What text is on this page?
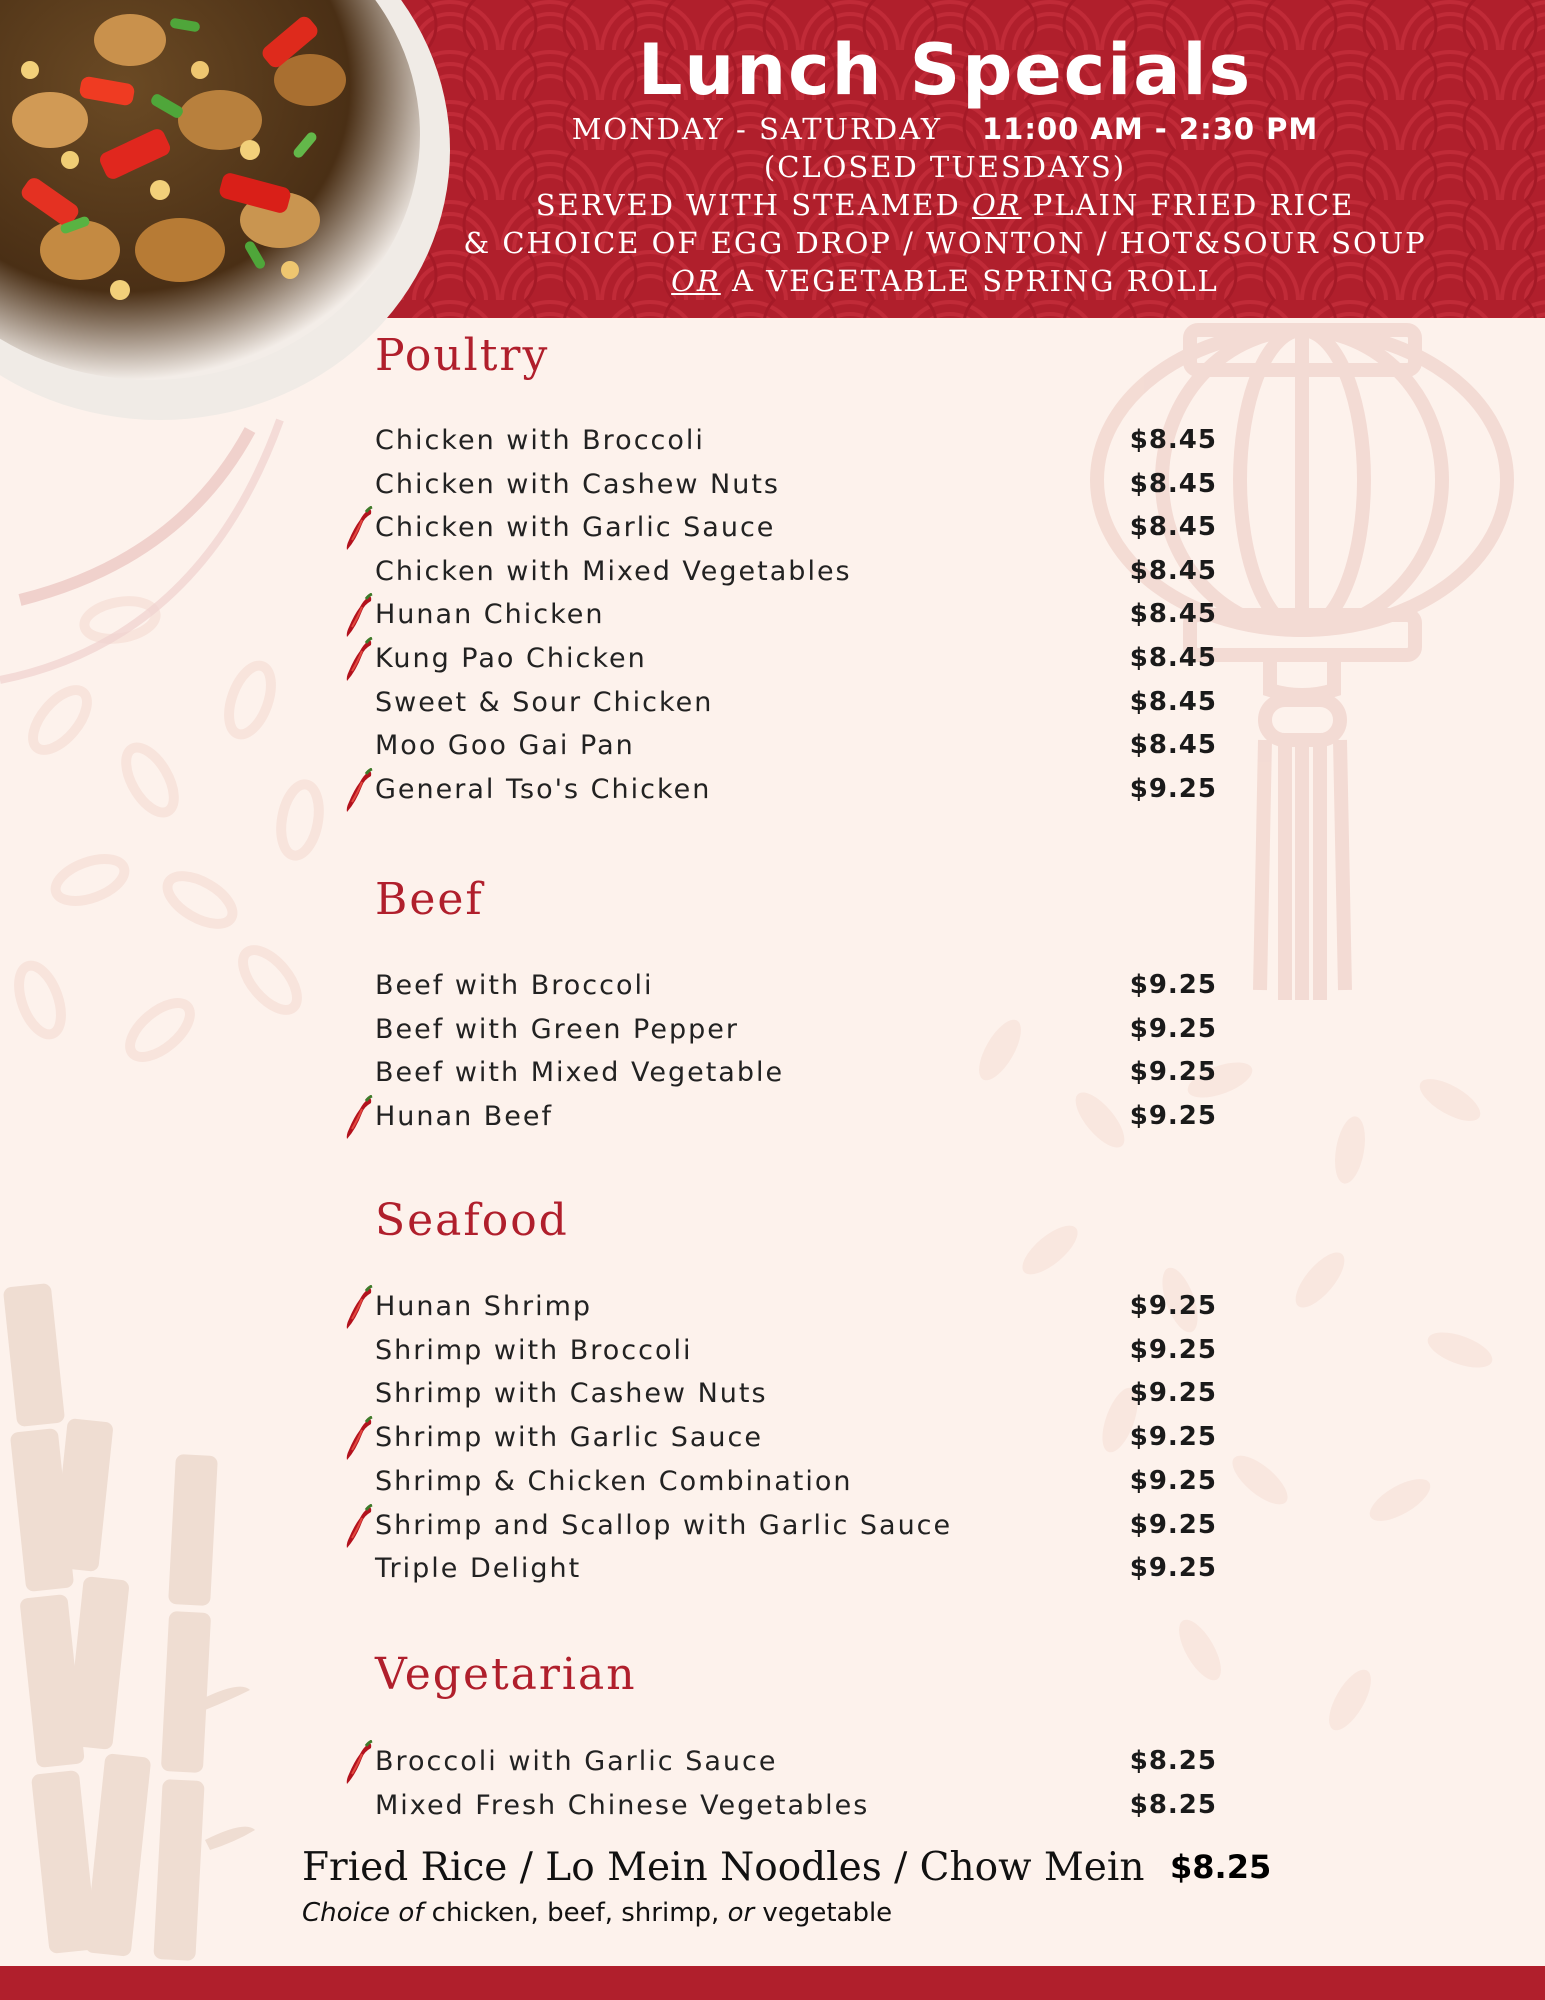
Lunch Specials
MONDAY - SATURDAY 11:00 AM - 2:30 PM
(CLOSED TUESDAYS)
SERVED WITH STEAMED OR PLAIN FRIED RICE
& CHOICE OF EGG DROP / WONTON / HOT&SOUR SOUP
OR A VEGETABLE SPRING ROLL
Poultry
Chicken with Broccoli	$8.45
Chicken with Cashew Nuts	$8.45
Chicken with Garlic Sauce	$8.45
Chicken with Mixed Vegetables	$8.45
Hunan Chicken	$8.45
Kung Pao Chicken	$8.45
Sweet & Sour Chicken	$8.45
Moo Goo Gai Pan	$8.45
General Tso's Chicken	$9.25
Beef
Beef with Broccoli	$9.25
Beef with Green Pepper	$9.25
Beef with Mixed Vegetable	$9.25
Hunan Beef	$9.25
Seafood
Hunan Shrimp	$9.25
Shrimp with Broccoli	$9.25
Shrimp with Cashew Nuts	$9.25
Shrimp with Garlic Sauce	$9.25
Shrimp & Chicken Combination	$9.25
Shrimp and Scallop with Garlic Sauce	$9.25
Triple Delight	$9.25
Vegetarian
Broccoli with Garlic Sauce	$8.25
Mixed Fresh Chinese Vegetables	$8.25
Fried Rice / Lo Mein Noodles / Chow Mein $8.25
Choice of chicken, beef, shrimp, or vegetable
